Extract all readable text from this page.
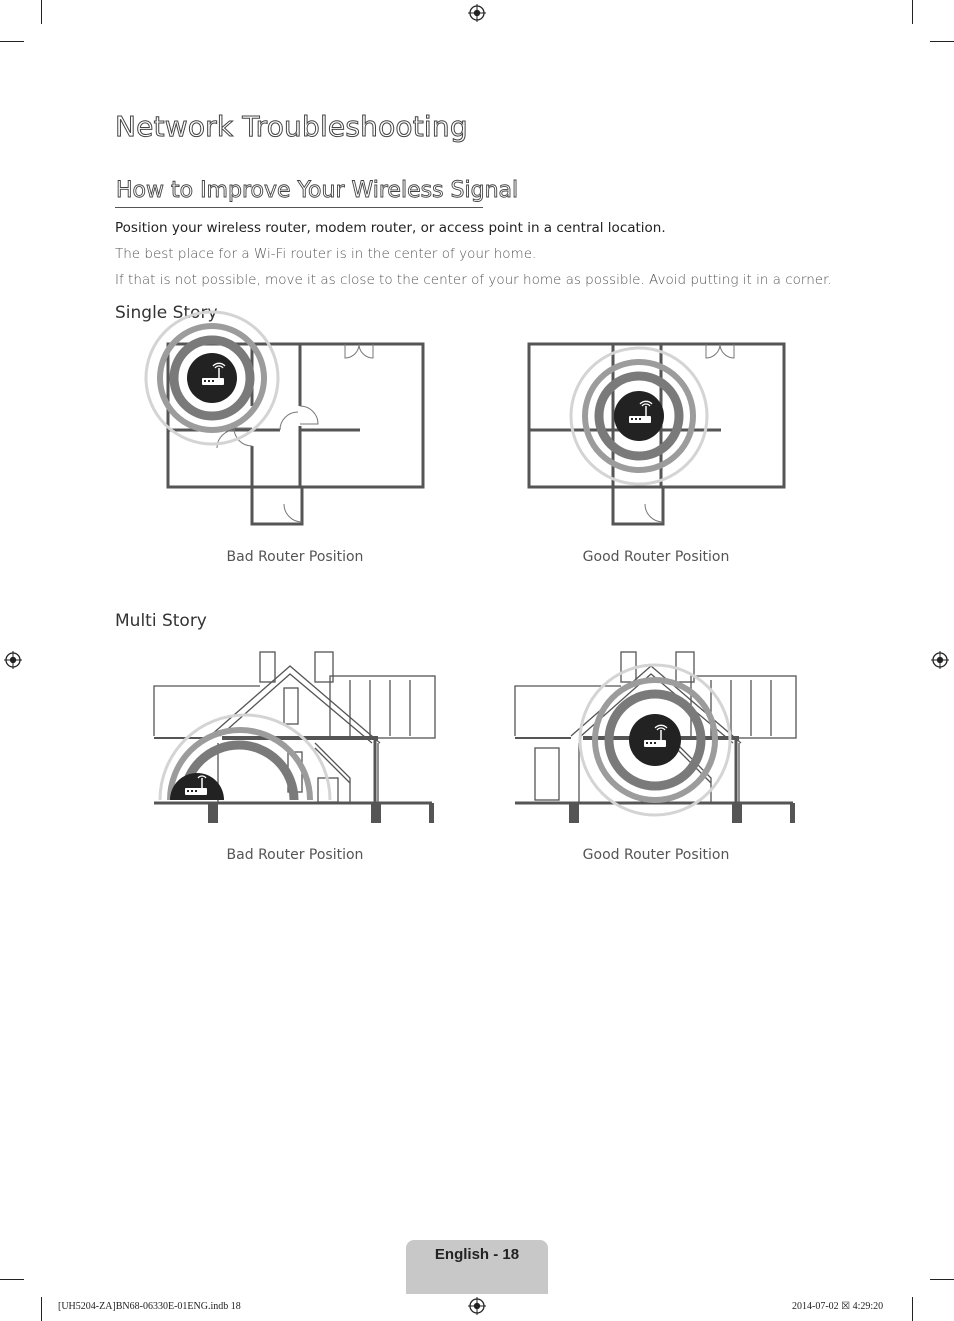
Network Troubleshooting
How to Improve Your Wireless Signal
Position your wireless router, modem router, or access point in a central location.
The best place for a Wi-Fi router is in the center of your home.
If that is not possible, move it as close to the center of your home as possible. Avoid putting it in a corner.
Single Story
Bad Router Position	Good Router Position
Multi Story
Bad Router Position	Good Router Position
English - 18
[UH5204-ZA]BN68-06330E-01ENG.indb 18	2014-07-02 ☒ 4:29:20
